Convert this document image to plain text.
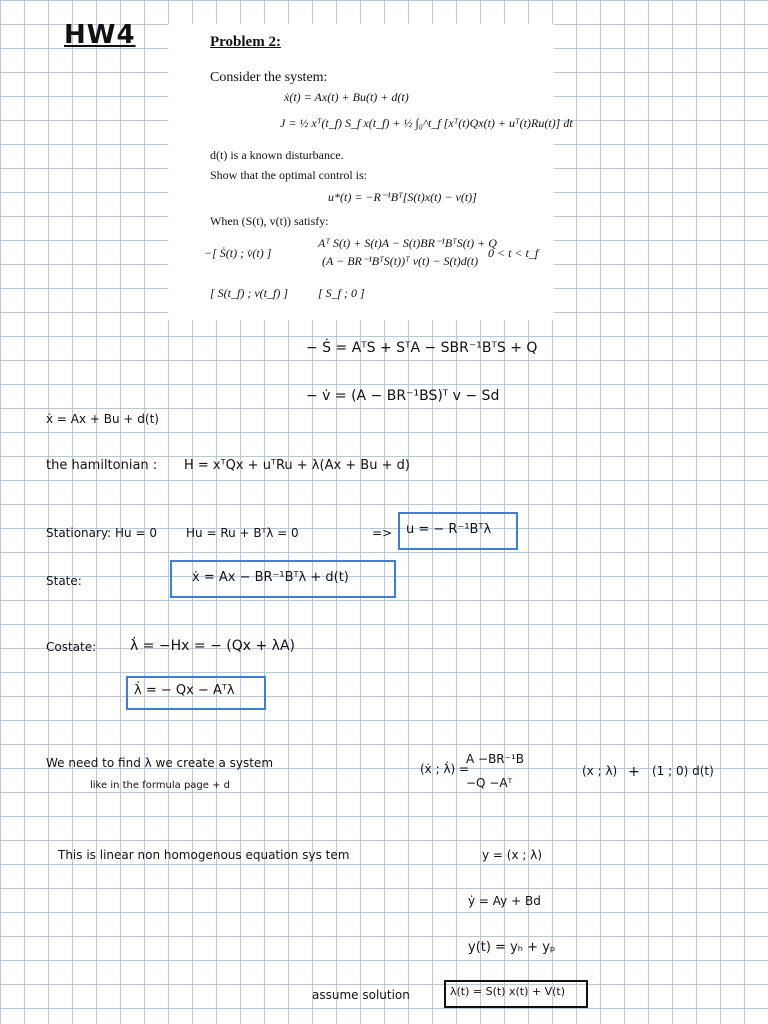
HW4	Problem 2:
Consider the system:
ẋ(t) = Ax(t) + Bu(t) + d(t)
J = ½ xᵀ(t_f) S_f x(t_f) + ½ ∫₀^t_f [xᵀ(t)Qx(t) + uᵀ(t)Ru(t)] dt
d(t) is a known disturbance.
Show that the optimal control is:
u*(t) = −R⁻¹Bᵀ[S(t)x(t) − v(t)]
When (S(t), v(t)) satisfy:
−[ Ṡ(t) ; v̇(t) ]
Aᵀ S(t) + S(t)A − S(t)BR⁻¹BᵀS(t) + Q
(A − BR⁻¹BᵀS(t))ᵀ v(t) − S(t)d(t)
0 < t < t_f
[ S(t_f) ; v(t_f) ]	[ S_f ; 0 ]
− Ṡ = AᵀS + SᵀA − SBR⁻¹BᵀS + Q
− v̇ = (A − BR⁻¹BS)ᵀ v − Sd
ẋ = Ax + Bu + d(t)
the hamiltonian : H = xᵀQx + uᵀRu + λ(Ax + Bu + d)
Stationary: Hu = 0 Hu = Ru + Bᵀλ = 0	=> u = − R⁻¹Bᵀλ
State:	ẋ = Ax − BR⁻¹Bᵀλ + d(t)
Costate: λ̇ = −Hx = − (Qx + λA)
λ̇ = − Qx − Aᵀλ
We need to find λ we create a system
like in the formula page + d
(ẋ ; λ̇) =
A −BR⁻¹B
−Q −Aᵀ
(x ; λ) + (1 ; 0) d(t)
This is linear non homogenous equation sys tem	y = (x ; λ)
ẏ = Ay + Bd
y(t) = yₕ + yₚ
assume solution	λ(t) = S(t) x(t) + V(t)
